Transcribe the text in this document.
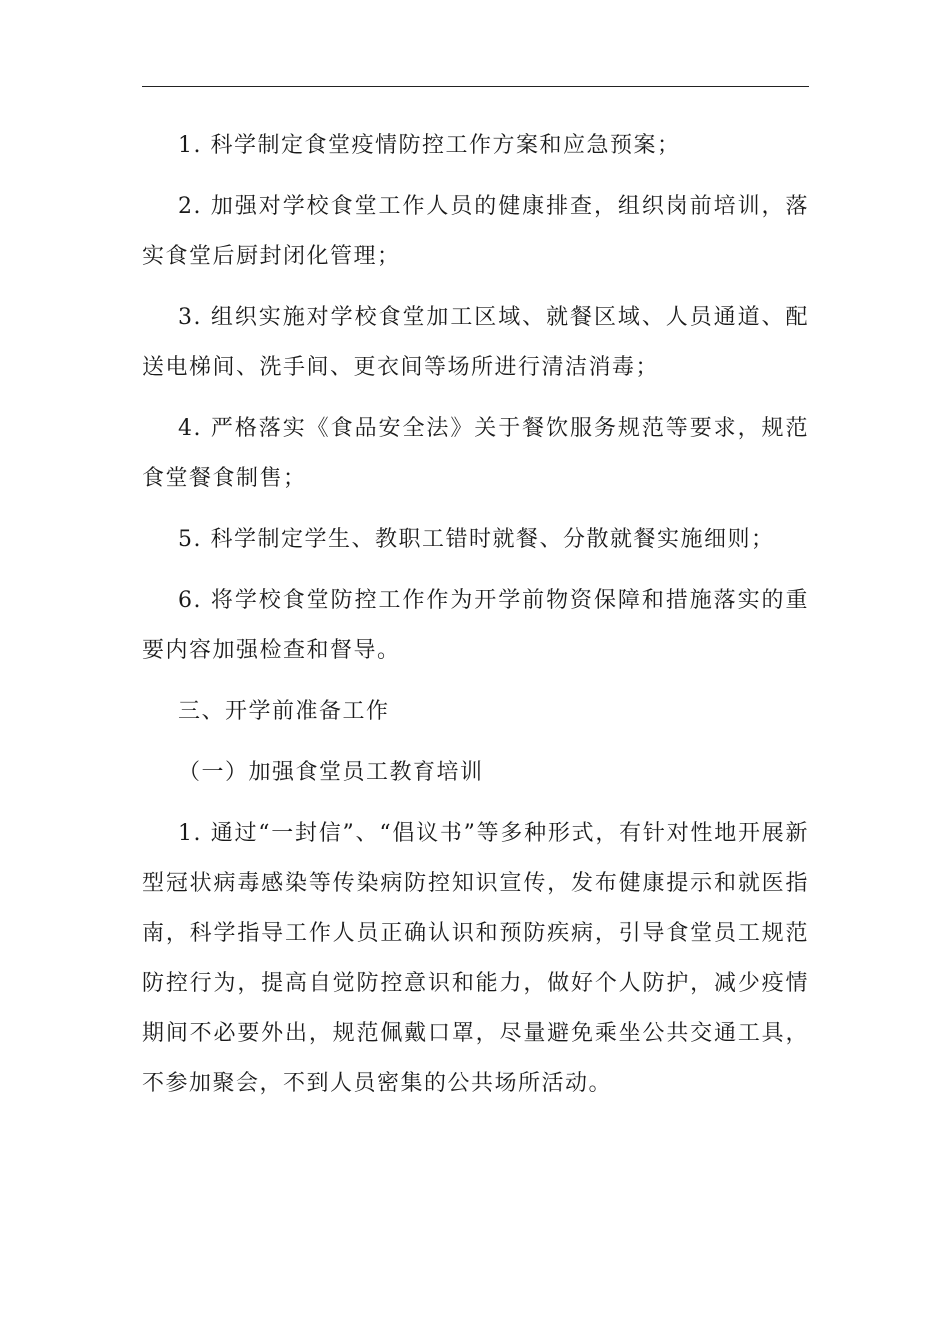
1. 科学制定食堂疫情防控工作方案和应急预案；

2. 加强对学校食堂工作人员的健康排查，组织岗前培训，落实食堂后厨封闭化管理；

3. 组织实施对学校食堂加工区域、就餐区域、人员通道、配送电梯间、洗手间、更衣间等场所进行清洁消毒；

4. 严格落实《食品安全法》关于餐饮服务规范等要求，规范食堂餐食制售；

5. 科学制定学生、教职工错时就餐、分散就餐实施细则；

6. 将学校食堂防控工作作为开学前物资保障和措施落实的重要内容加强检查和督导。

三、开学前准备工作

（一）加强食堂员工教育培训

1. 通过“一封信”、“倡议书”等多种形式，有针对性地开展新型冠状病毒感染等传染病防控知识宣传，发布健康提示和就医指南，科学指导工作人员正确认识和预防疾病，引导食堂员工规范防控行为，提高自觉防控意识和能力，做好个人防护，减少疫情期间不必要外出，规范佩戴口罩，尽量避免乘坐公共交通工具，不参加聚会，不到人员密集的公共场所活动。
